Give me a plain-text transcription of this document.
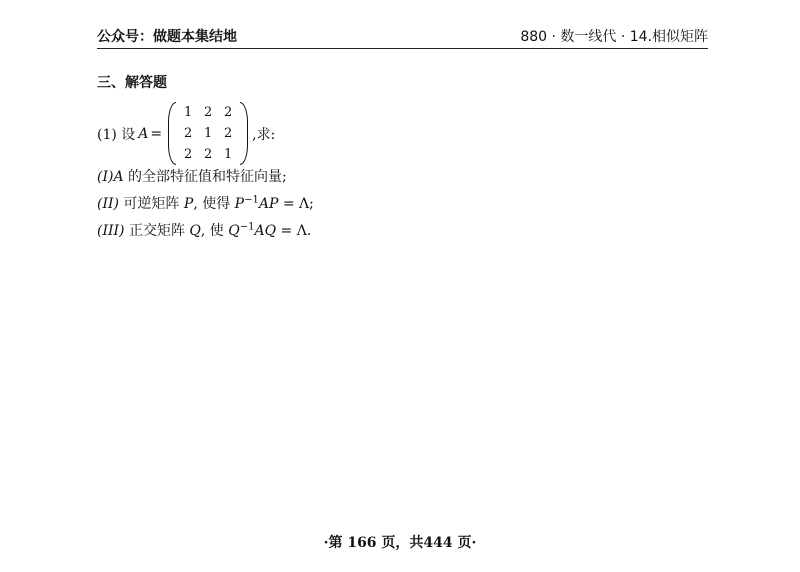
公众号：做题本集结地	880 · 数一线代 · 14.相似矩阵
三、解答题
(1) 设 A =
1 2 2
2 1 2
2 2 1
,求:
(I)A 的全部特征值和特征向量;
(II) 可逆矩阵 P, 使得 $P^{-1}AP = \Lambda$;
(III) 正交矩阵 Q, 使 $Q^{-1}AQ = \Lambda$.
·第 166 页，共444 页·
